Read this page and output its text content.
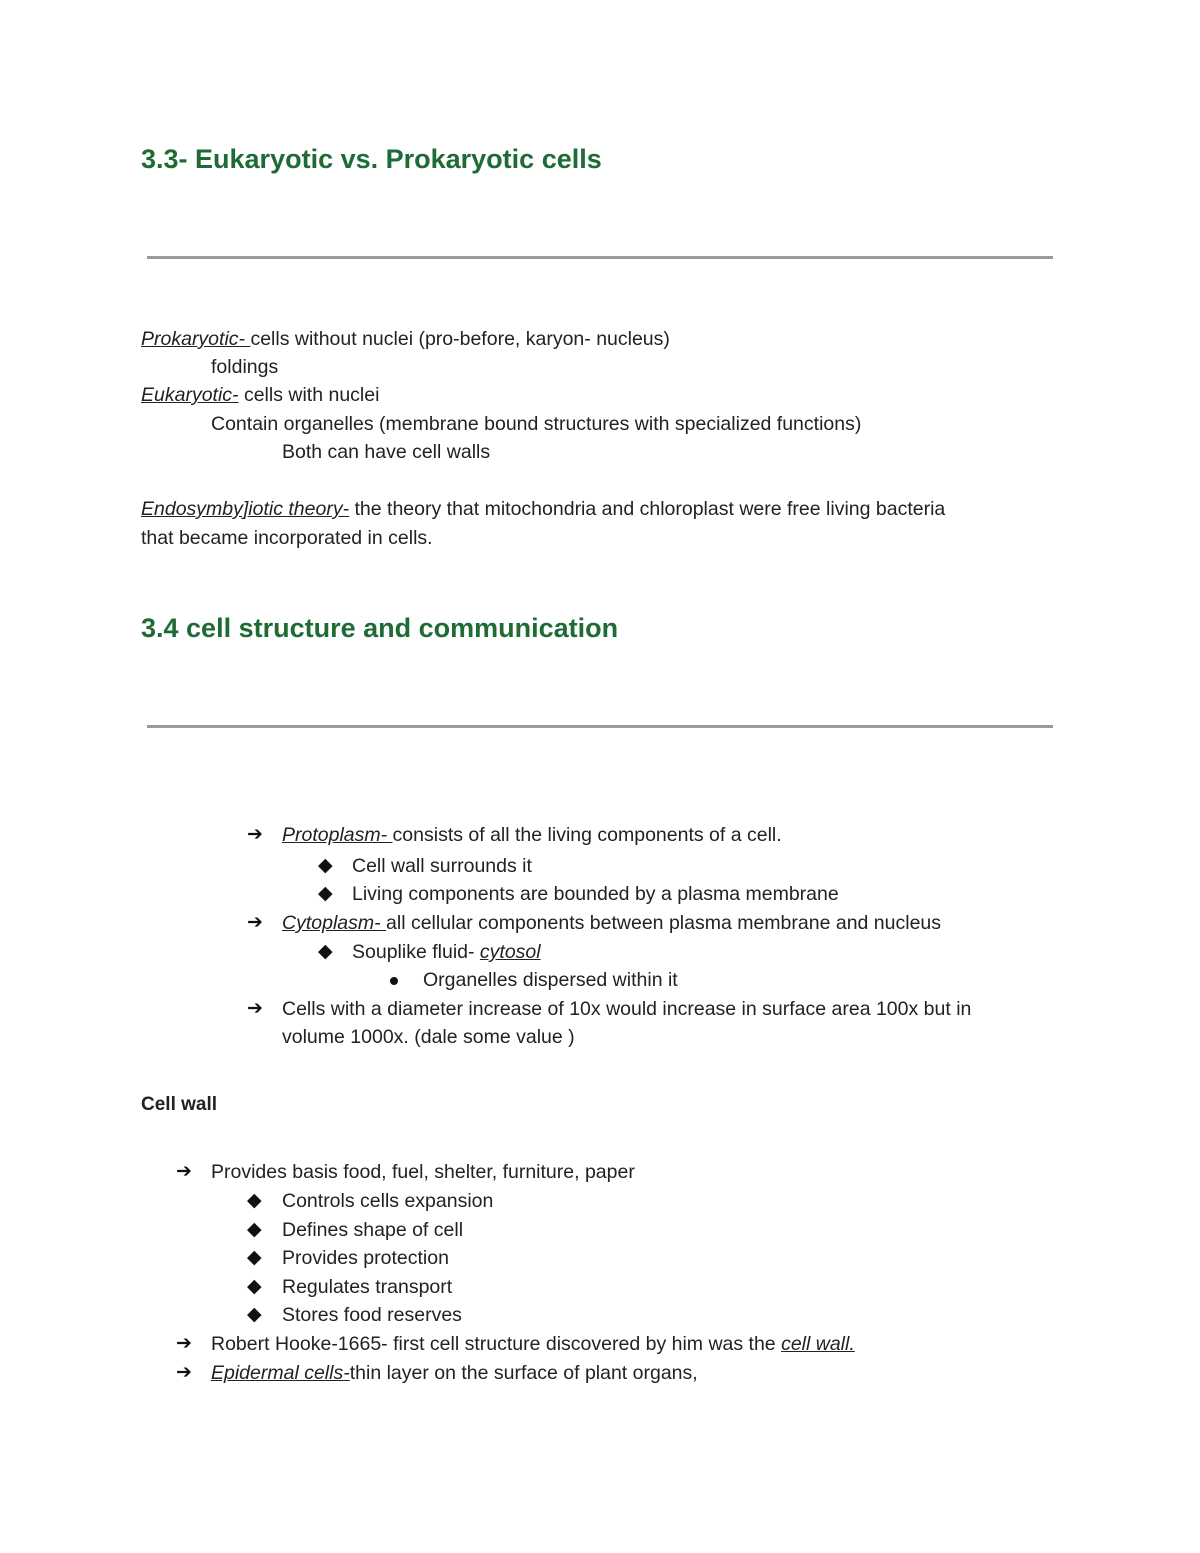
3.3- Eukaryotic vs. Prokaryotic cells
Prokaryotic- cells without nuclei (pro-before, karyon- nucleus)
foldings
Eukaryotic- cells with nuclei
Contain organelles (membrane bound structures with specialized functions)
Both can have cell walls
Endosymby]iotic theory- the theory that mitochondria and chloroplast were free living bacteria
that became incorporated in cells.
3.4 cell structure and communication
➔ Protoplasm- consists of all the living components of a cell.
◆ Cell wall surrounds it
◆ Living components are bounded by a plasma membrane
➔ Cytoplasm- all cellular components between plasma membrane and nucleus
◆ Souplike fluid- cytosol
Organelles dispersed within it
➔ Cells with a diameter increase of 10x would increase in surface area 100x but in
volume 1000x. (dale some value )
Cell wall
➔ Provides basis food, fuel, shelter, furniture, paper
◆ Controls cells expansion
◆ Defines shape of cell
◆ Provides protection
◆ Regulates transport
◆ Stores food reserves
➔ Robert Hooke-1665- first cell structure discovered by him was the cell wall.
➔ Epidermal cells-thin layer on the surface of plant organs,
